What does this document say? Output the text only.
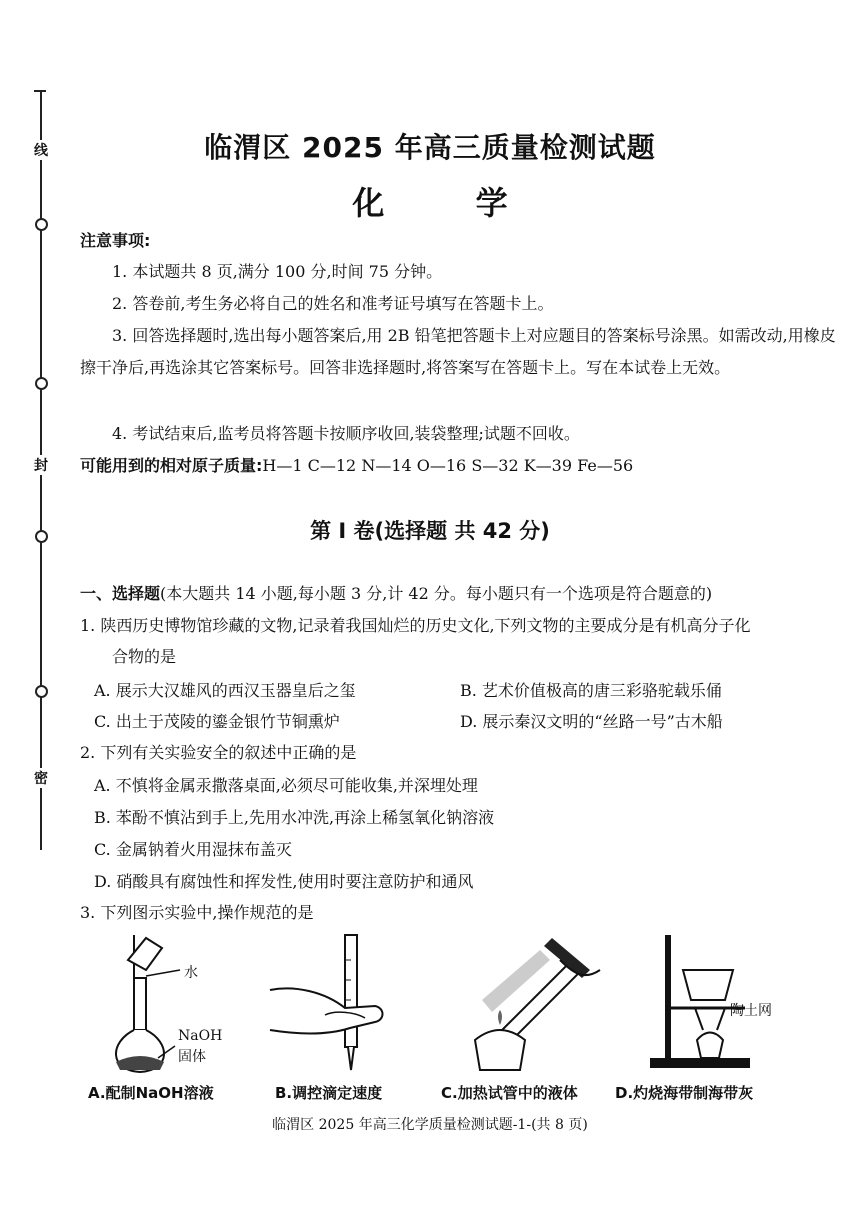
线
封
密
临渭区 2025 年高三质量检测试题
化 学
注意事项:
1. 本试题共 8 页,满分 100 分,时间 75 分钟。
2. 答卷前,考生务必将自己的姓名和准考证号填写在答题卡上。
3. 回答选择题时,选出每小题答案后,用 2B 铅笔把答题卡上对应题目的答案标号涂黑。如需改动,用橡皮擦干净后,再选涂其它答案标号。回答非选择题时,将答案写在答题卡上。写在本试卷上无效。
4. 考试结束后,监考员将答题卡按顺序收回,装袋整理;试题不回收。
可能用到的相对原子质量:H—1 C—12 N—14 O—16 S—32 K—39 Fe—56
第 Ⅰ 卷(选择题 共 42 分)
一、选择题(本大题共 14 小题,每小题 3 分,计 42 分。每小题只有一个选项是符合题意的)
1. 陕西历史博物馆珍藏的文物,记录着我国灿烂的历史文化,下列文物的主要成分是有机高分子化
合物的是
A. 展示大汉雄风的西汉玉器皇后之玺	B. 艺术价值极高的唐三彩骆驼载乐俑
C. 出土于茂陵的鎏金银竹节铜熏炉	D. 展示秦汉文明的“丝路一号”古木船
2. 下列有关实验安全的叙述中正确的是
A. 不慎将金属汞撒落桌面,必须尽可能收集,并深埋处理
B. 苯酚不慎沾到手上,先用水冲洗,再涂上稀氢氧化钠溶液
C. 金属钠着火用湿抹布盖灭
D. 硝酸具有腐蚀性和挥发性,使用时要注意防护和通风
3. 下列图示实验中,操作规范的是
水
NaOH
固体
陶土网
A.配制NaOH溶液	B.调控滴定速度	C.加热试管中的液体 D.灼烧海带制海带灰
临渭区 2025 年高三化学质量检测试题-1-(共 8 页)
